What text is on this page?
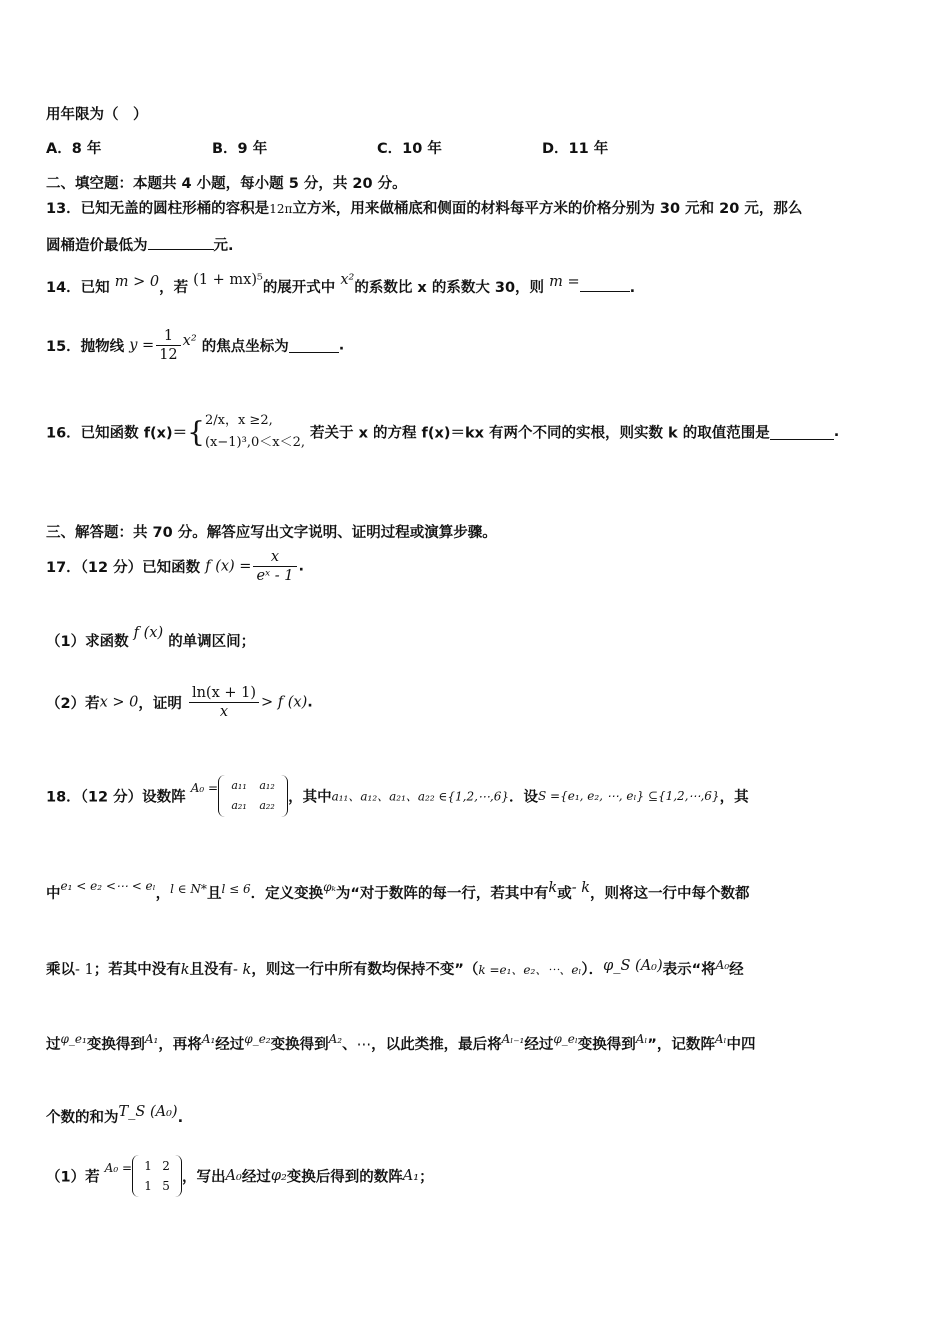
用年限为（　）
A．8 年	B．9 年	C．10 年	D．11 年
二、填空题：本题共 4 小题，每小题 5 分，共 20 分。
13．已知无盖的圆柱形桶的容积是12π立方米，用来做桶底和侧面的材料每平方米的价格分别为 30 元和 20 元，那么
圆桶造价最低为	元.
14．已知 m > 0，若 (1 + mx)⁵的展开式中 x²的系数比 x 的系数大 30，则 m =	.
15．抛物线 $y = \frac{1}{12} x^2$ 的焦点坐标为	.
16．已知函数 f(x)＝{ 2/x，x ≥2,
(x−1)³,0＜x＜2,
若关于 x 的方程 f(x)＝kx 有两个不同的实根，则实数 k 的取值范围是	.
三、解答题：共 70 分。解答应写出文字说明、证明过程或演算步骤。
17．（12 分）已知函数 f $(x) = \frac{x}{\text{eˣ - 1}}$ .
（1）求函数 f (x) 的单调区间；
（2）若x > 0，证明 $\frac{\ln(x + 1)}{x} > f$ (x).
18．（12 分）设数阵 $^{A_0 =}$ a₁₁ a₁₂
a₂₁ a₂₂ ，其中a₁₁、a₁₂、a₂₁、a₂₂ ∈{1,2,⋯,6}．设S ={e₁, e₂, ⋯, eₗ} ⊆{1,2,⋯,6}，其
中$^{e_1 < e_2 <\cdots < e_l}$，$^{l \in N*}$且$^{l \le 6}$．定义变换$^{\varphi_k}$为“对于数阵的每一行，若其中有k或- k，则将这一行中每个数都
乘以- 1；若其中没有k且没有- k，则这一行中所有数均保持不变”（k =e₁、e₂、⋯、eₗ）．φ_S (A₀)表示“将$^{A_0}$经
过$^{\varphi\_e_1}$变换得到$^{A_1}$，再将$^{A_1}$经过$^{\varphi\_e_2}$变换得到$^{A_2}$、⋯，以此类推，最后将$^{A_{l-1}}$经过$^{\varphi\_e_l}$变换得到$^{A_l}$”，记数阵$^{A_l}$中四
个数的和为T_S (A₀).
（1）若 $^{A_0 =}$ 1 2
1 5，写出A₀经过φ₂变换后得到的数阵A₁；
